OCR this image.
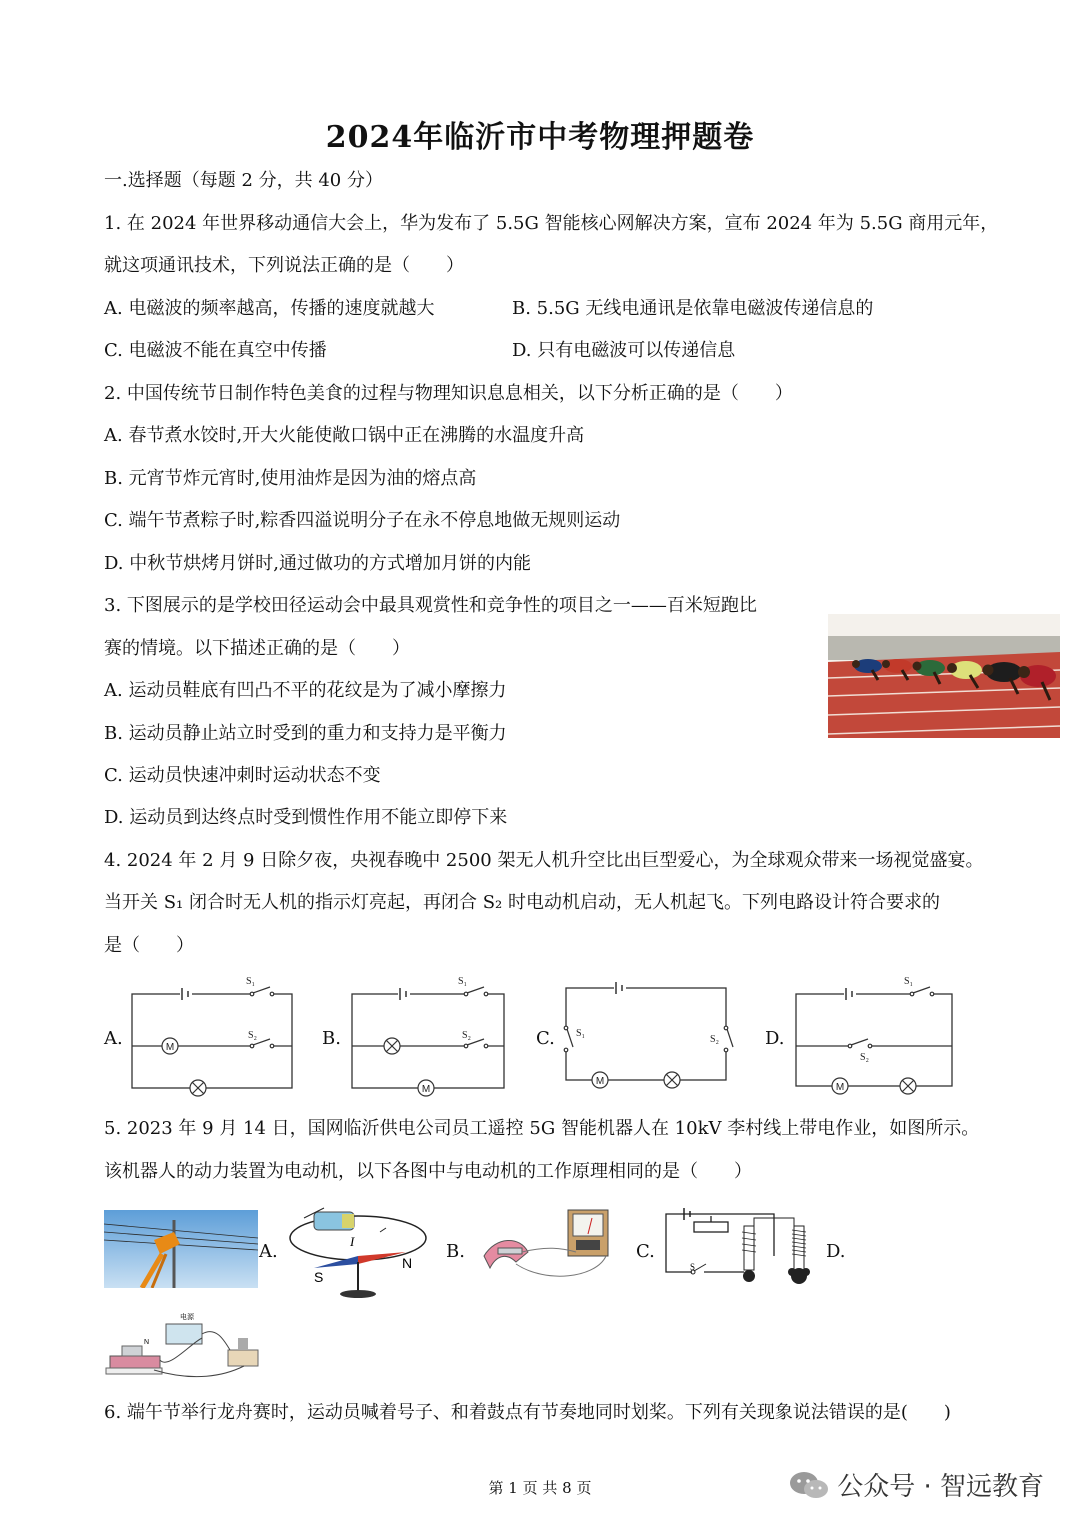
2024年临沂市中考物理押题卷
一.选择题（每题 2 分，共 40 分）
1. 在 2024 年世界移动通信大会上，华为发布了 5.5G 智能核心网解决方案，宣布 2024 年为 5.5G 商用元年，
就这项通讯技术，下列说法正确的是（　　）
A. 电磁波的频率越高，传播的速度就越大	B. 5.5G 无线电通讯是依靠电磁波传递信息的
C. 电磁波不能在真空中传播	D. 只有电磁波可以传递信息
2. 中国传统节日制作特色美食的过程与物理知识息息相关，以下分析正确的是（　　）
A. 春节煮水饺时,开大火能使敞口锅中正在沸腾的水温度升高
B. 元宵节炸元宵时,使用油炸是因为油的熔点高
C. 端午节煮粽子时,粽香四溢说明分子在永不停息地做无规则运动
D. 中秋节烘烤月饼时,通过做功的方式增加月饼的内能
3. 下图展示的是学校田径运动会中最具观赏性和竞争性的项目之一——百米短跑比
赛的情境。以下描述正确的是（　　）
A. 运动员鞋底有凹凸不平的花纹是为了减小摩擦力
B. 运动员静止站立时受到的重力和支持力是平衡力
C. 运动员快速冲刺时运动状态不变
D. 运动员到达终点时受到惯性作用不能立即停下来
4. 2024 年 2 月 9 日除夕夜，央视春晚中 2500 架无人机升空比出巨型爱心，为全球观众带来一场视觉盛宴。
当开关 S₁ 闭合时无人机的指示灯亮起，再闭合 S₂ 时电动机启动，无人机起飞。下列电路设计符合要求的
是（　　）
M
M
M
M
S₁
S₂
S₁
S₂	S₁
S₂
S₁
S₂
A.	B.	C.	D.
5. 2023 年 9 月 14 日，国网临沂供电公司员工遥控 5G 智能机器人在 10kV 李村线上带电作业，如图所示。
该机器人的动力装置为电动机，以下各图中与电动机的工作原理相同的是（　　）
A.
S
N
I	B.	C.
S
D.
电源
N
6. 端午节举行龙舟赛时，运动员喊着号子、和着鼓点有节奏地同时划桨。下列有关现象说法错误的是(　　)
第 1 页 共 8 页	公众号 · 智远教育
